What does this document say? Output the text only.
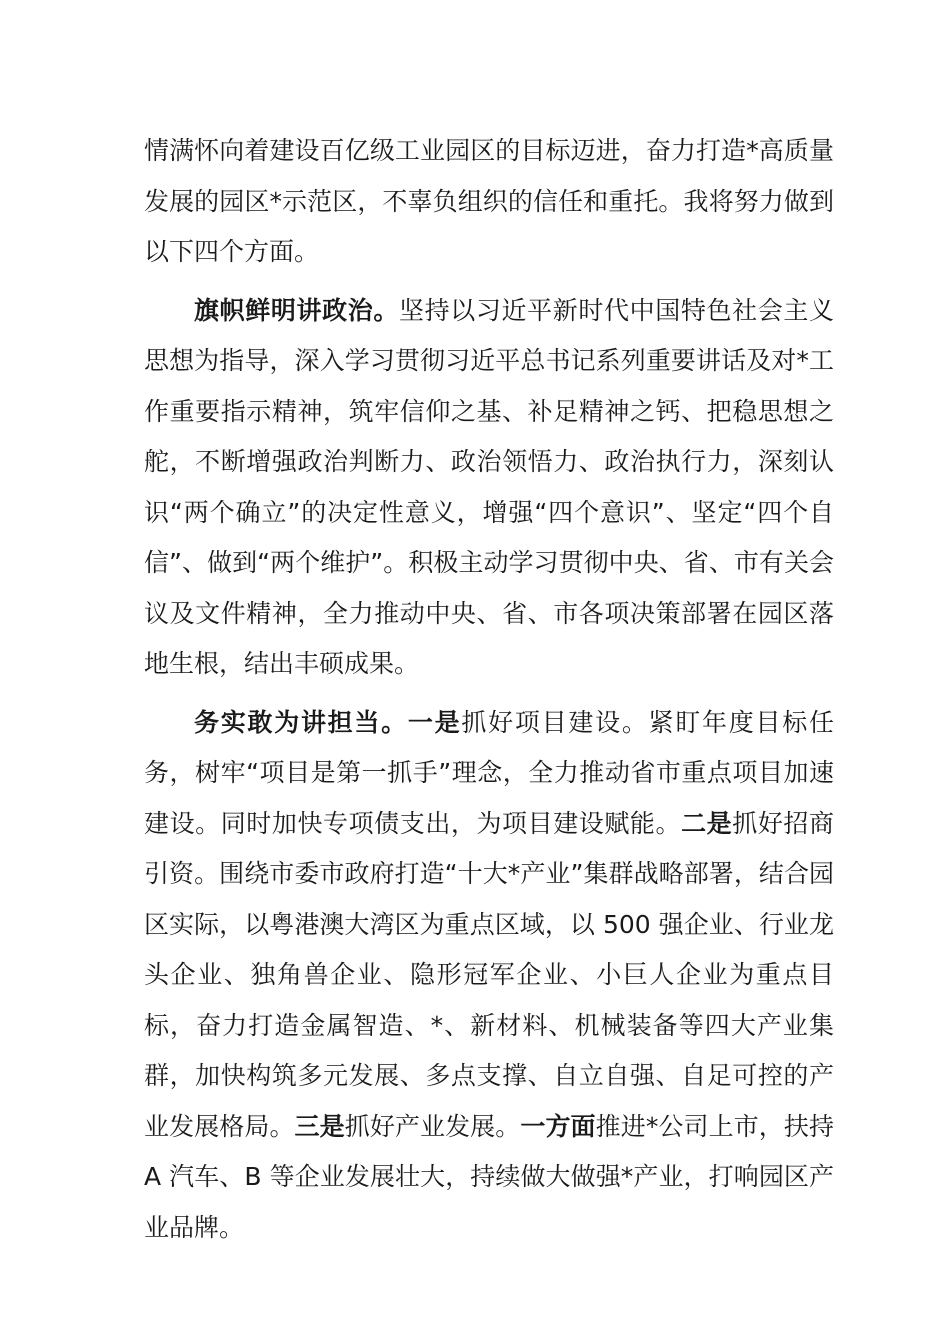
情满怀向着建设百亿级工业园区的目标迈进，奋力打造*高质量发展的园区*示范区，不辜负组织的信任和重托。我将努力做到以下四个方面。

旗帜鲜明讲政治。坚持以习近平新时代中国特色社会主义思想为指导，深入学习贯彻习近平总书记系列重要讲话及对*工作重要指示精神，筑牢信仰之基、补足精神之钙、把稳思想之舵，不断增强政治判断力、政治领悟力、政治执行力，深刻认识“两个确立”的决定性意义，增强“四个意识”、坚定“四个自信”、做到“两个维护”。积极主动学习贯彻中央、省、市有关会议及文件精神，全力推动中央、省、市各项决策部署在园区落地生根，结出丰硕成果。

务实敢为讲担当。一是抓好项目建设。紧盯年度目标任务，树牢“项目是第一抓手”理念，全力推动省市重点项目加速建设。同时加快专项债支出，为项目建设赋能。二是抓好招商引资。围绕市委市政府打造“十大*产业”集群战略部署，结合园区实际，以粤港澳大湾区为重点区域，以 500 强企业、行业龙头企业、独角兽企业、隐形冠军企业、小巨人企业为重点目标，奋力打造金属智造、*、新材料、机械装备等四大产业集群，加快构筑多元发展、多点支撑、自立自强、自足可控的产业发展格局。三是抓好产业发展。一方面推进*公司上市，扶持 A 汽车、B 等企业发展壮大，持续做大做强*产业，打响园区产业品牌。
